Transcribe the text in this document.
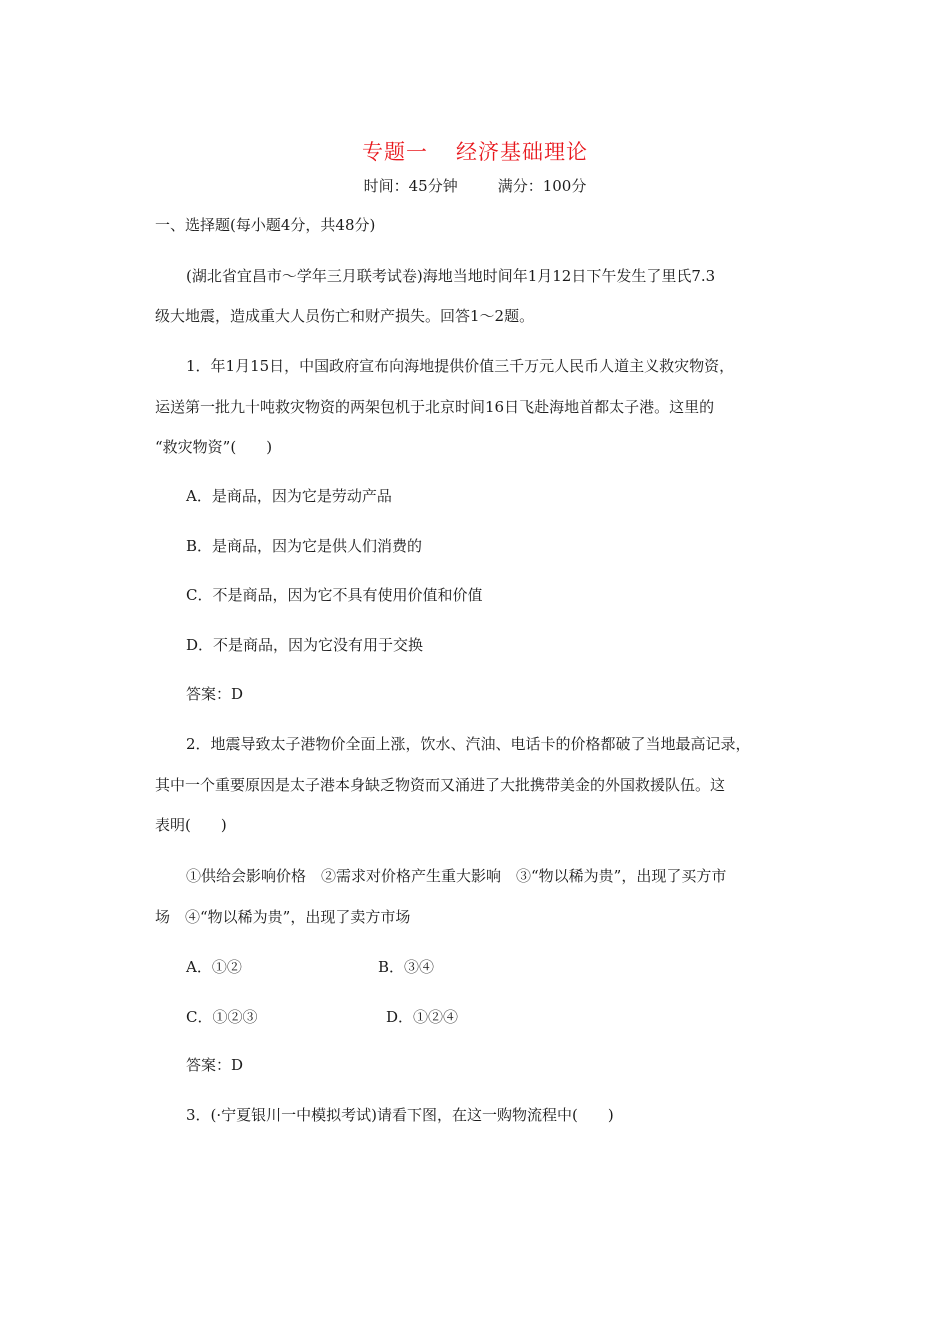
专题一 经济基础理论
时间：45分钟	满分：100分
一、选择题(每小题4分，共48分)
(湖北省宜昌市～学年三月联考试卷)海地当地时间年1月12日下午发生了里氏7.3
级大地震，造成重大人员伤亡和财产损失。回答1～2题。
1．年1月15日，中国政府宣布向海地提供价值三千万元人民币人道主义救灾物资，
运送第一批九十吨救灾物资的两架包机于北京时间16日飞赴海地首都太子港。这里的
“救灾物资”(　　)
A．是商品，因为它是劳动产品
B．是商品，因为它是供人们消费的
C．不是商品，因为它不具有使用价值和价值
D．不是商品，因为它没有用于交换
答案：D
2．地震导致太子港物价全面上涨，饮水、汽油、电话卡的价格都破了当地最高记录，
其中一个重要原因是太子港本身缺乏物资而又涌进了大批携带美金的外国救援队伍。这
表明(　　)
①供给会影响价格　②需求对价格产生重大影响　③“物以稀为贵”，出现了买方市
场　④“物以稀为贵”，出现了卖方市场
A．①②	B．③④
C．①②③	D．①②④
答案：D
3．(·宁夏银川一中模拟考试)请看下图，在这一购物流程中(　　)
